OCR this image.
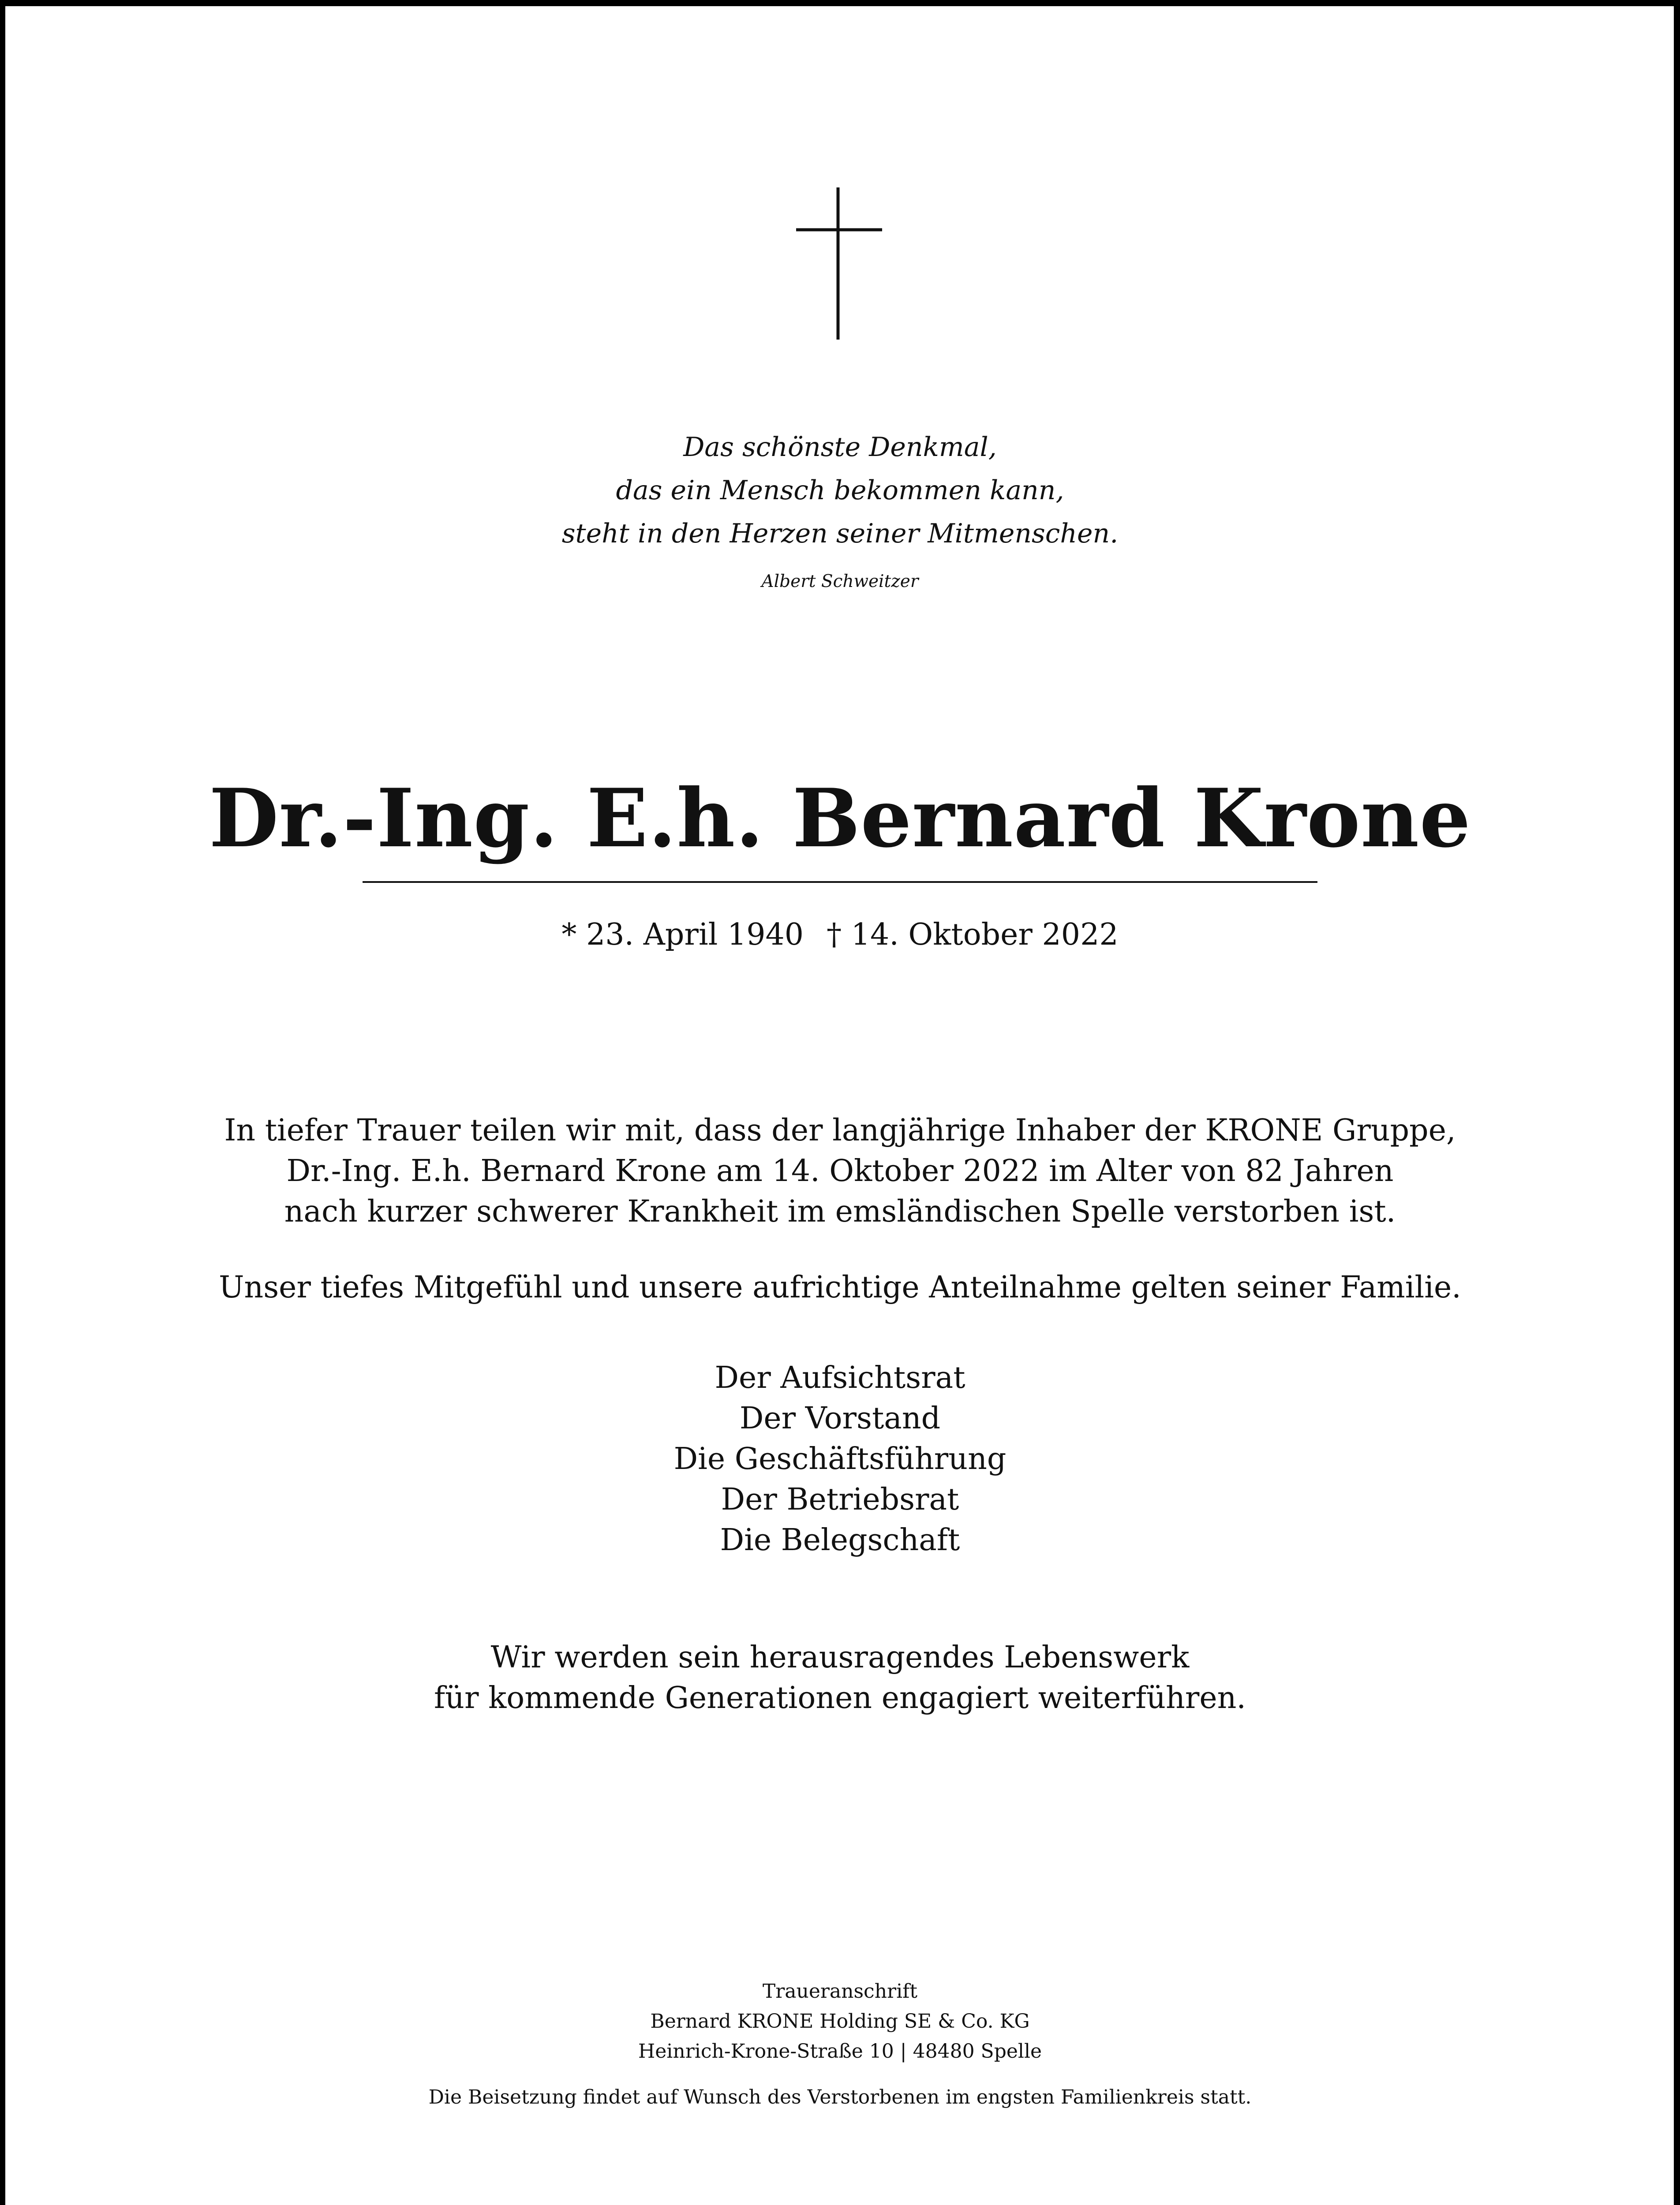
Das schönste Denkmal,
das ein Mensch bekommen kann,
steht in den Herzen seiner Mitmenschen.
Albert Schweitzer
Dr.-Ing. E.h. Bernard Krone
* 23. April 1940 † 14. Oktober 2022
In tiefer Trauer teilen wir mit, dass der langjährige Inhaber der KRONE Gruppe,
Dr.-Ing. E.h. Bernard Krone am 14. Oktober 2022 im Alter von 82 Jahren
nach kurzer schwerer Krankheit im emsländischen Spelle verstorben ist.
Unser tiefes Mitgefühl und unsere aufrichtige Anteilnahme gelten seiner Familie.
Der Aufsichtsrat
Der Vorstand
Die Geschäftsführung
Der Betriebsrat
Die Belegschaft
Wir werden sein herausragendes Lebenswerk
für kommende Generationen engagiert weiterführen.
Traueranschrift
Bernard KRONE Holding SE & Co. KG
Heinrich-Krone-Straße 10 | 48480 Spelle
Die Beisetzung findet auf Wunsch des Verstorbenen im engsten Familienkreis statt.
